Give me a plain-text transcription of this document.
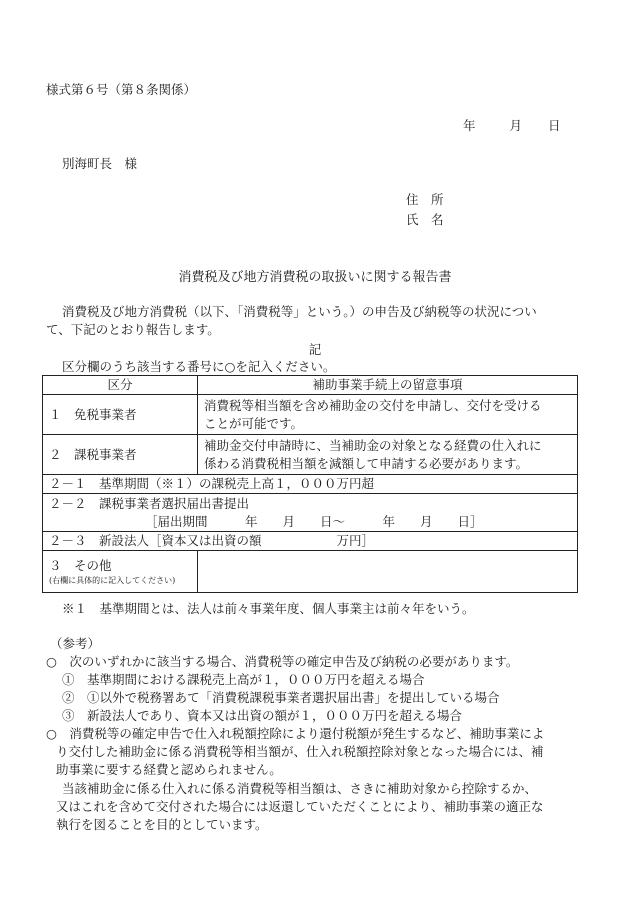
様式第６号（第８条関係）
年	月 日
別海町長　様
住　所
氏　名
消費税及び地方消費税の取扱いに関する報告書
消費税及び地方消費税（以下、「消費税等」という。）の申告及び納税等の状況につい
て、下記のとおり報告します。
記
区分欄のうち該当する番号に○を記入ください。
区分	補助事業手続上の留意事項
１　免税事業者	消費税等相当額を含め補助金の交付を申請し、交付を受ける
ことが可能です。

２　課税事業者	補助金交付申請時に、当補助金の対象となる経費の仕入れに
係わる消費税相当額を減額して申請する必要があります。

２－１　基準期間（※１）の課税売上高１，０００万円超	

２－２　課税事業者選択届出書提出
［届出期間　　　年　　月　　日～　　　年　　月　　日］	

２－３　新設法人［資本又は出資の額　　　　　　万円］	

３　その他
(右欄に具体的に記入してください)	

※１　基準期間とは、法人は前々事業年度、個人事業主は前々年をいう。
（参考）
○　次のいずれかに該当する場合、消費税等の確定申告及び納税の必要があります。
①　基準期間における課税売上高が１，０００万円を超える場合
②　①以外で税務署あて「消費税課税事業者選択届出書」を提出している場合
③　新設法人であり、資本又は出資の額が１，０００万円を超える場合
○　消費税等の確定申告で仕入れ税額控除により還付税額が発生するなど、補助事業によ
り交付した補助金に係る消費税等相当額が、仕入れ税額控除対象となった場合には、補
助事業に要する経費と認められません。
当該補助金に係る仕入れに係る消費税等相当額は、さきに補助対象から控除するか、
又はこれを含めて交付された場合には返還していただくことにより、補助事業の適正な
執行を図ることを目的としています。
